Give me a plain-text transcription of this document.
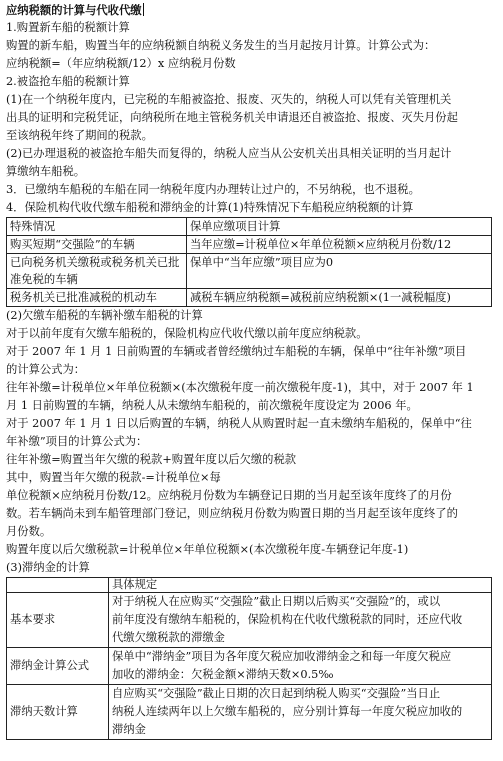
应纳税额的计算与代收代缴
1.购置新车船的税额计算
购置的新车船，购置当年的应纳税额自纳税义务发生的当月起按月计算。计算公式为：
应纳税额=（年应纳税额/12）x 应纳税月份数
2.被盗抢车船的税额计算
(1)在一个纳税年度内，已完税的车船被盗抢、报废、灭失的，纳税人可以凭有关管理机关
出具的证明和完税凭证，向纳税所在地主管税务机关申请退还自被盗抢、报废、灭失月份起
至该纳税年终了期间的税款。
(2)已办理退税的被盗抢车船失而复得的，纳税人应当从公安机关出具相关证明的当月起计
算缴纳车船税。
3．已缴纳车船税的车船在同一纳税年度内办理转让过户的，不另纳税，也不退税。
4．保险机构代收代缴车船税和滞纳金的计算(1)特殊情况下车船税应纳税额的计算
特殊情况	保单应缴项目计算
购买短期“交强险”的车辆	当年应缴=计税单位×年单位税额×应纳税月份数/12
已向税务机关缴税或税务机关已批准免税的车辆	保单中“当年应缴”项目应为0
税务机关已批准减税的机动车	减税车辆应纳税额=减税前应纳税额×(1一减税幅度)
(2)欠缴车船税的车辆补缴车船税的计算
对于以前年度有欠缴车船税的，保险机构应代收代缴以前年度应纳税款。
对于 2007 年 1 月 1 日前购置的车辆或者曾经缴纳过车船税的车辆，保单中“往年补缴”项目
的计算公式为：
往年补缴=计税单位×年单位税额×(本次缴税年度一前次缴税年度-1)，其中，对于 2007 年 1
月 1 日前购置的车辆，纳税人从未缴纳车船税的，前次缴税年度设定为 2006 年。
对于 2007 年 1 月 1 日以后购置的车辆，纳税人从购置时起一直未缴纳车船税的，保单中“往
年补缴”项目的计算公式为：
往年补缴=购置当年欠缴的税款+购置年度以后欠缴的税款
其中，购置当年欠缴的税款-=计税单位×每
单位税额×应纳税月份数/12。应纳税月份数为车辆登记日期的当月起至该年度终了的月份
数。若车辆尚未到车船管理部门登记，则应纳税月份数为购置日期的当月起至该年度终了的
月份数。
购置年度以后欠缴税款=计税单位×年单位税额×(本次缴税年度-车辆登记年度-1)
(3)滞纳金的计算
	具体规定
基本要求	对于纳税人在应购买“交强险”截止日期以后购买“交强险”的，或以
前年度没有缴纳车船税的，保险机构在代收代缴税款的同时，还应代收
代缴欠缴税款的滞缴金

滞纳金计算公式	保单中“滞纳金”项目为各年度欠税应加收滞纳金之和每一年度欠税应
加收的滞纳金：欠税金额×滞纳天数×0.5‰

滞纳天数计算	自应购买“交强险”截止日期的次日起到纳税人购买“交强险”当日止
纳税人连续两年以上欠缴车船税的，应分别计算每一年度欠税应加收的
滞纳金
